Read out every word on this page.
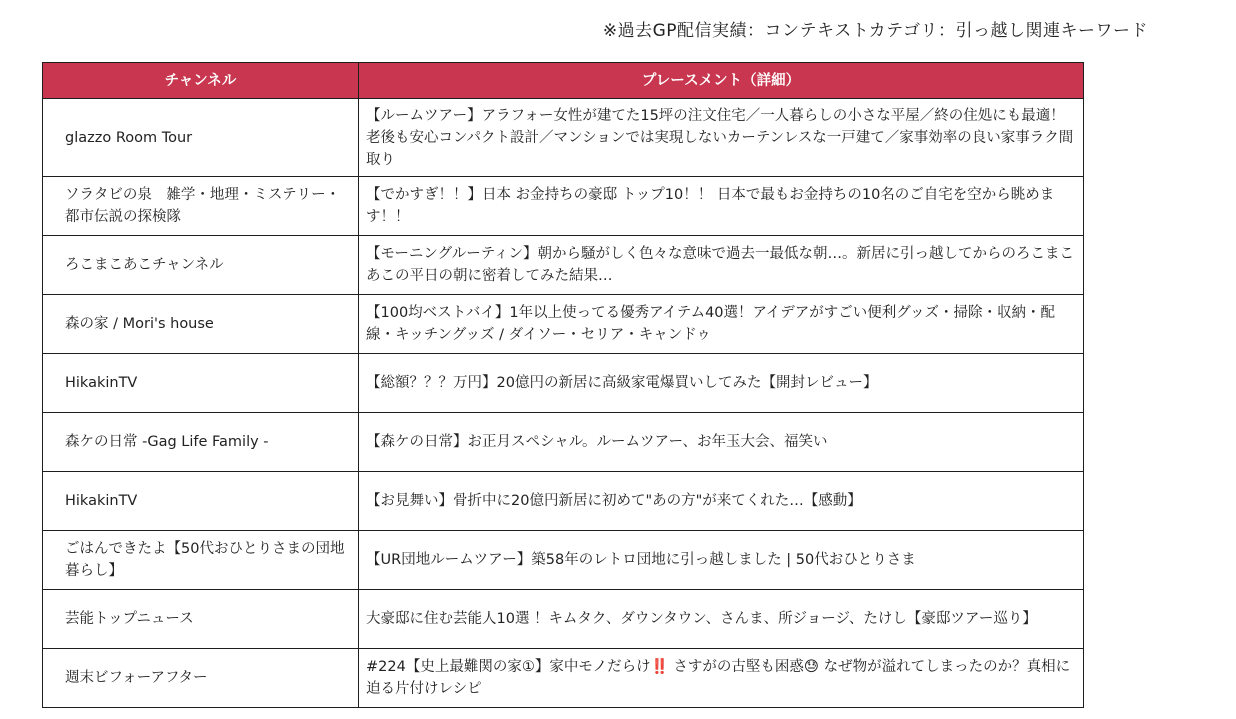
※過去GP配信実績：コンテキストカテゴリ：引っ越し関連キーワード
チャンネル	プレースメント（詳細）
glazzo Room Tour	【ルームツアー】アラフォー女性が建てた15坪の注文住宅／一人暮らしの小さな平屋／終の住処にも最適！老後も安心コンパクト設計／マンションでは実現しないカーテンレスな一戸建て／家事効率の良い家事ラク間取り
ソラタビの泉　雑学・地理・ミステリー・都市伝説の探検隊	【でかすぎ！！】日本 お金持ちの豪邸 トップ10！！ 日本で最もお金持ちの10名のご自宅を空から眺めます！！
ろこまこあこチャンネル	【モーニングルーティン】朝から騒がしく色々な意味で過去一最低な朝…。新居に引っ越してからのろこまこあこの平日の朝に密着してみた結果…
森の家 / Mori's house	【100均ベストバイ】1年以上使ってる優秀アイテム40選！アイデアがすごい便利グッズ・掃除・収納・配線・キッチングッズ / ダイソー・セリア・キャンドゥ
HikakinTV	【総額？？？万円】20億円の新居に高級家電爆買いしてみた【開封レビュー】
森ケの日常 -Gag Life Family -	【森ケの日常】お正月スペシャル。ルームツアー、お年玉大会、福笑い
HikakinTV	【お見舞い】骨折中に20億円新居に初めて"あの方"が来てくれた…【感動】
ごはんできたよ【50代おひとりさまの団地暮らし】	【UR団地ルームツアー】築58年のレトロ団地に引っ越しました | 50代おひとりさま
芸能トップニュース	大豪邸に住む芸能人10選 ！キムタク、ダウンタウン、さんま、所ジョージ、たけし【豪邸ツアー巡り】
週末ビフォーアフター	#224【史上最難関の家①】家中モノだらけ‼️ さすがの古堅も困惑😓 なぜ物が溢れてしまったのか？真相に迫る片付けレシピ
